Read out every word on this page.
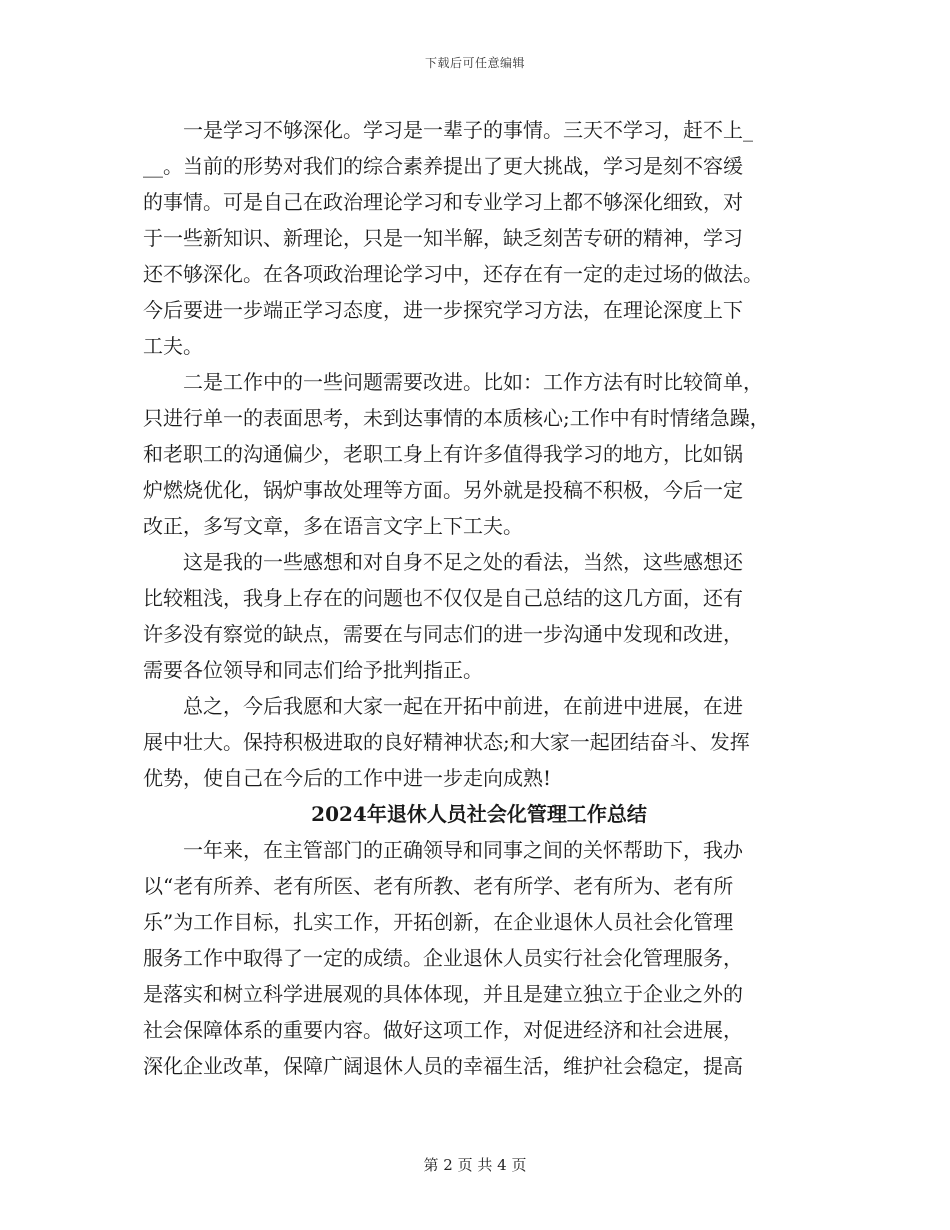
下载后可任意编辑
　　一是学习不够深化。学习是一辈子的事情。三天不学习，赶不上_
__。当前的形势对我们的综合素养提出了更大挑战，学习是刻不容缓
的事情。可是自己在政治理论学习和专业学习上都不够深化细致，对
于一些新知识、新理论，只是一知半解，缺乏刻苦专研的精神，学习
还不够深化。在各项政治理论学习中，还存在有一定的走过场的做法。
今后要进一步端正学习态度，进一步探究学习方法，在理论深度上下
工夫。
　　二是工作中的一些问题需要改进。比如：工作方法有时比较简单，
只进行单一的表面思考，未到达事情的本质核心;工作中有时情绪急躁，
和老职工的沟通偏少，老职工身上有许多值得我学习的地方，比如锅
炉燃烧优化，锅炉事故处理等方面。另外就是投稿不积极，今后一定
改正，多写文章，多在语言文字上下工夫。
　　这是我的一些感想和对自身不足之处的看法，当然，这些感想还
比较粗浅，我身上存在的问题也不仅仅是自己总结的这几方面，还有
许多没有察觉的缺点，需要在与同志们的进一步沟通中发现和改进，
需要各位领导和同志们给予批判指正。
　　总之，今后我愿和大家一起在开拓中前进，在前进中进展，在进
展中壮大。保持积极进取的良好精神状态;和大家一起团结奋斗、发挥
优势，使自己在今后的工作中进一步走向成熟!
2024年退休人员社会化管理工作总结
　　一年来，在主管部门的正确领导和同事之间的关怀帮助下，我办
以“老有所养、老有所医、老有所教、老有所学、老有所为、老有所
乐”为工作目标，扎实工作，开拓创新，在企业退休人员社会化管理
服务工作中取得了一定的成绩。企业退休人员实行社会化管理服务，
是落实和树立科学进展观的具体体现，并且是建立独立于企业之外的
社会保障体系的重要内容。做好这项工作，对促进经济和社会进展，
深化企业改革，保障广阔退休人员的幸福生活，维护社会稳定，提高
第 2 页 共 4 页
